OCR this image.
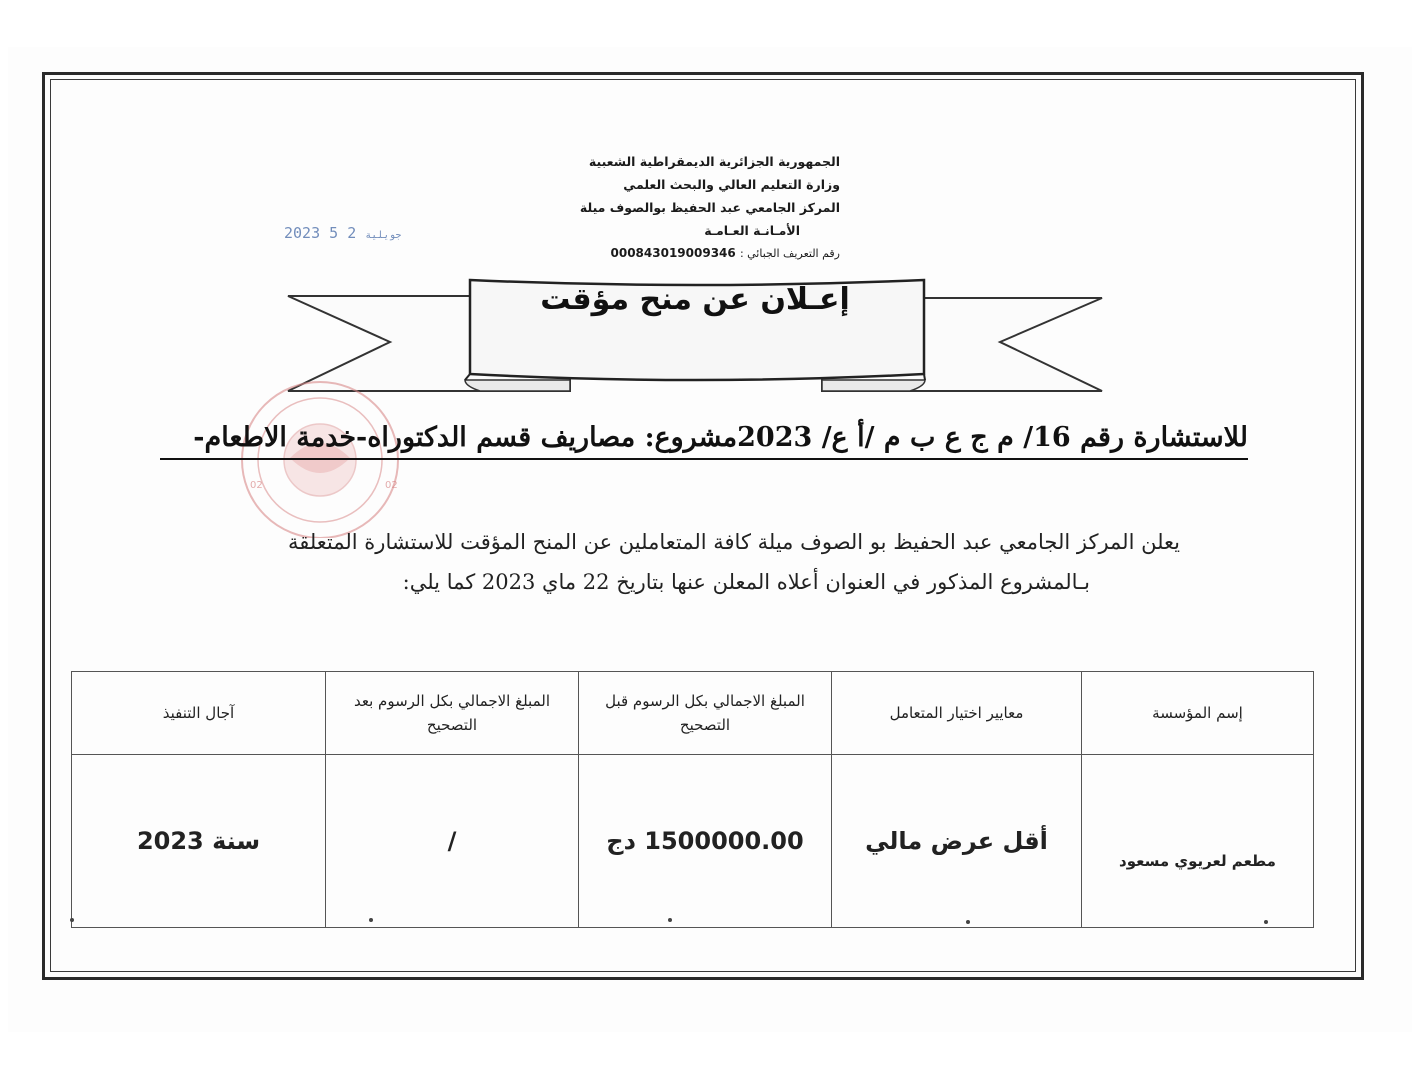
الجمهورية الجزائرية الديمقراطية الشعبية
وزارة التعليم العالي والبحث العلمي
المركز الجامعي عبد الحفيظ بوالصوف ميلة
الأمـانـة العـامـة
رقم التعريف الجبائي : 000843019009346
2023	جويلية 2 5
إعـلان عن منح مؤقت
02	02
للاستشارة رقم 16/ م ج ع ب م /أ ع/ 2023مشروع: مصاريف قسم الدكتوراه-خدمة الاطعام-

يعلن المركز الجامعي عبد الحفيظ بو الصوف ميلة كافة المتعاملين عن المنح المؤقت للاستشارة المتعلقة

بـالمشروع المذكور في العنوان أعلاه المعلن عنها بتاريخ 22 ماي 2023 كما يلي:

إسم المؤسسة	معايير اختيار المتعامل	المبلغ الاجمالي بكل الرسوم قبل التصحيح	المبلغ الاجمالي بكل الرسوم بعد التصحيح	آجال التنفيذ
مطعم لعريوي مسعود	أقل عرض مالي	1500000.00 دج	/	سنة 2023
